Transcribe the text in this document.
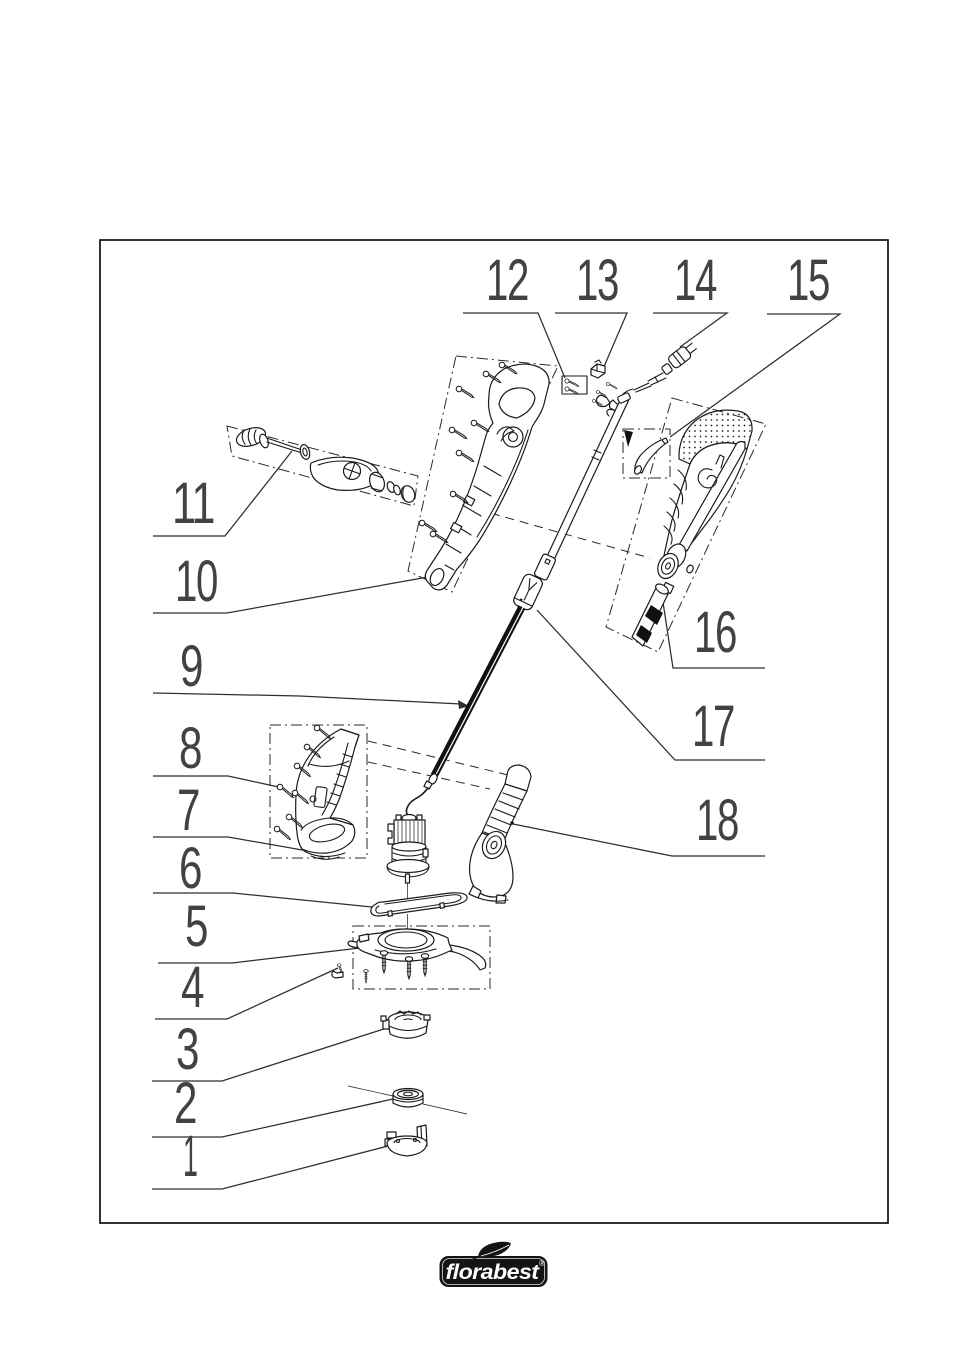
12 13 14 15
11
10
9
8
7
6
5
4
3
2
1
16
17
18
florabest ®
